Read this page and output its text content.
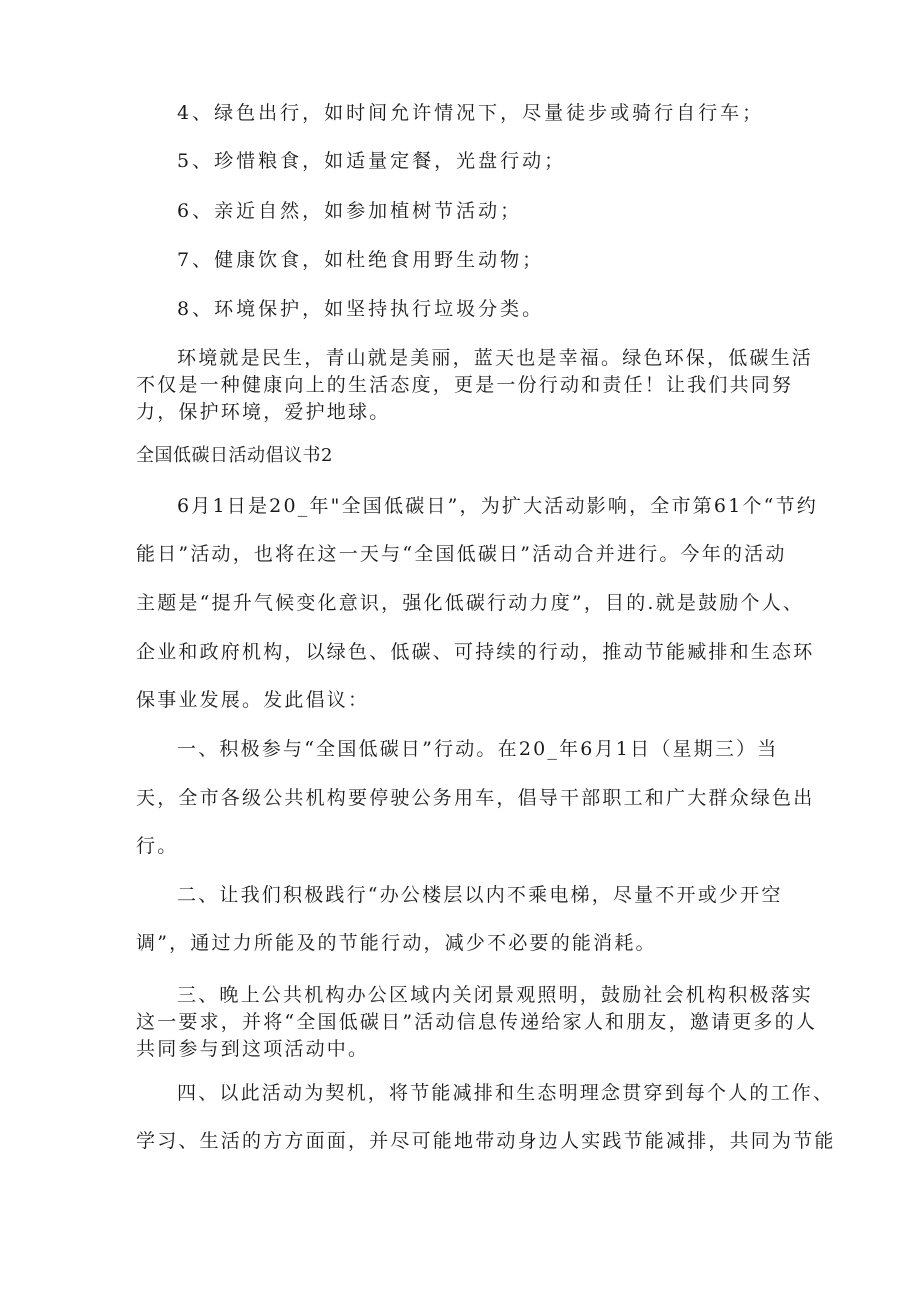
4、绿色出行，如时间允许情况下，尽量徒步或骑行自行车；
5、珍惜粮食，如适量定餐，光盘行动；
6、亲近自然，如参加植树节活动；
7、健康饮食，如杜绝食用野生动物；
8、环境保护，如坚持执行垃圾分类。
环境就是民生，青山就是美丽，蓝天也是幸福。绿色环保，低碳生活
不仅是一种健康向上的生活态度，更是一份行动和责任！让我们共同努
力，保护环境，爱护地球。
全国低碳日活动倡议书2
6月1日是20_年"全国低碳日”，为扩大活动影响，全市第61个“节约
能日”活动，也将在这一天与“全国低碳日”活动合并进行。今年的活动
主题是“提升气候变化意识，强化低碳行动力度”，目的.就是鼓励个人、
企业和政府机构，以绿色、低碳、可持续的行动，推动节能臧排和生态环
保事业发展。发此倡议：
一、积极参与“全国低碳日”行动。在20_年6月1日（星期三）当
天，全市各级公共机构要停驶公务用车，倡导干部职工和广大群众绿色出
行。
二、让我们积极践行“办公楼层以内不乘电梯，尽量不开或少开空
调”，通过力所能及的节能行动，减少不必要的能消耗。
三、晚上公共机构办公区域内关闭景观照明，鼓励社会机构积极落实
这一要求，并将“全国低碳日”活动信息传递给家人和朋友，邀请更多的人
共同参与到这项活动中。
四、以此活动为契机，将节能减排和生态明理念贯穿到每个人的工作、
学习、生活的方方面面，并尽可能地带动身边人实践节能减排，共同为节能
